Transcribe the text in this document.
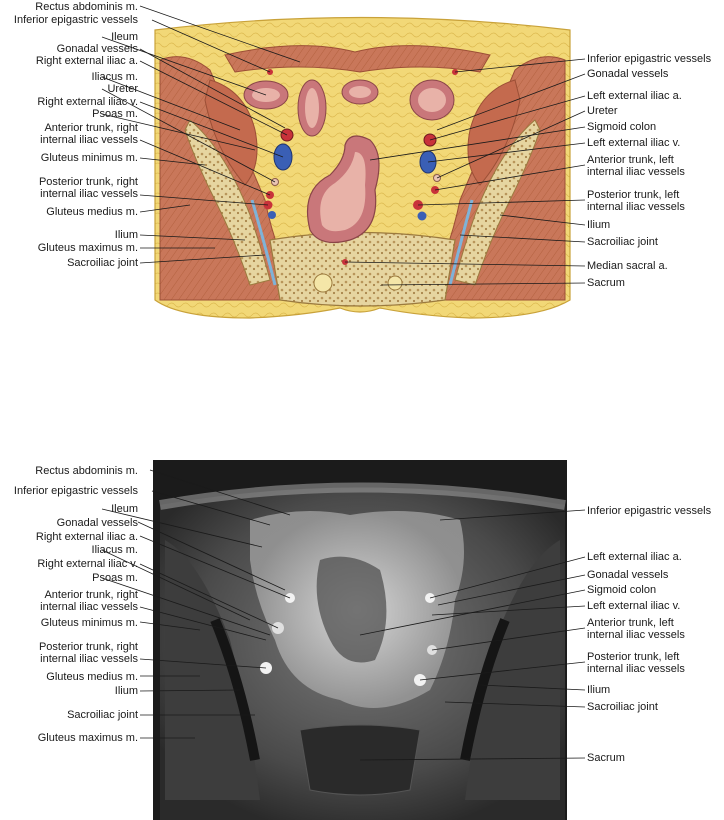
Rectus abdominis m.
Inferior epigastric vessels
Ileum
Gonadal vessels
Right external iliac a.
Iliacus m.
Ureter
Right external iliac v.
Psoas m.
Anterior trunk, right internal iliac vessels
Gluteus minimus m.
Posterior trunk, right internal iliac vessels
Gluteus medius m.
Ilium
Gluteus maximus m.
Sacroiliac joint
Inferior epigastric vessels
Gonadal vessels
Left external iliac a.
Ureter
Sigmoid colon
Left external iliac v.
Anterior trunk, left internal iliac vessels
Posterior trunk, left internal iliac vessels
Ilium
Sacroiliac joint
Median sacral a.
Sacrum
Rectus abdominis m.
Inferior epigastric vessels
Ileum
Gonadal vessels
Right external iliac a.
Iliacus m.
Right external iliac v.
Psoas m.
Anterior trunk, right internal iliac vessels
Gluteus minimus m.
Posterior trunk, right internal iliac vessels
Gluteus medius m.
Ilium
Sacroiliac joint
Gluteus maximus m.
Inferior epigastric vessels
Left external iliac a.
Gonadal vessels
Sigmoid colon
Left external iliac v.
Anterior trunk, left internal iliac vessels
Posterior trunk, left internal iliac vessels
Ilium
Sacroiliac joint
Sacrum
